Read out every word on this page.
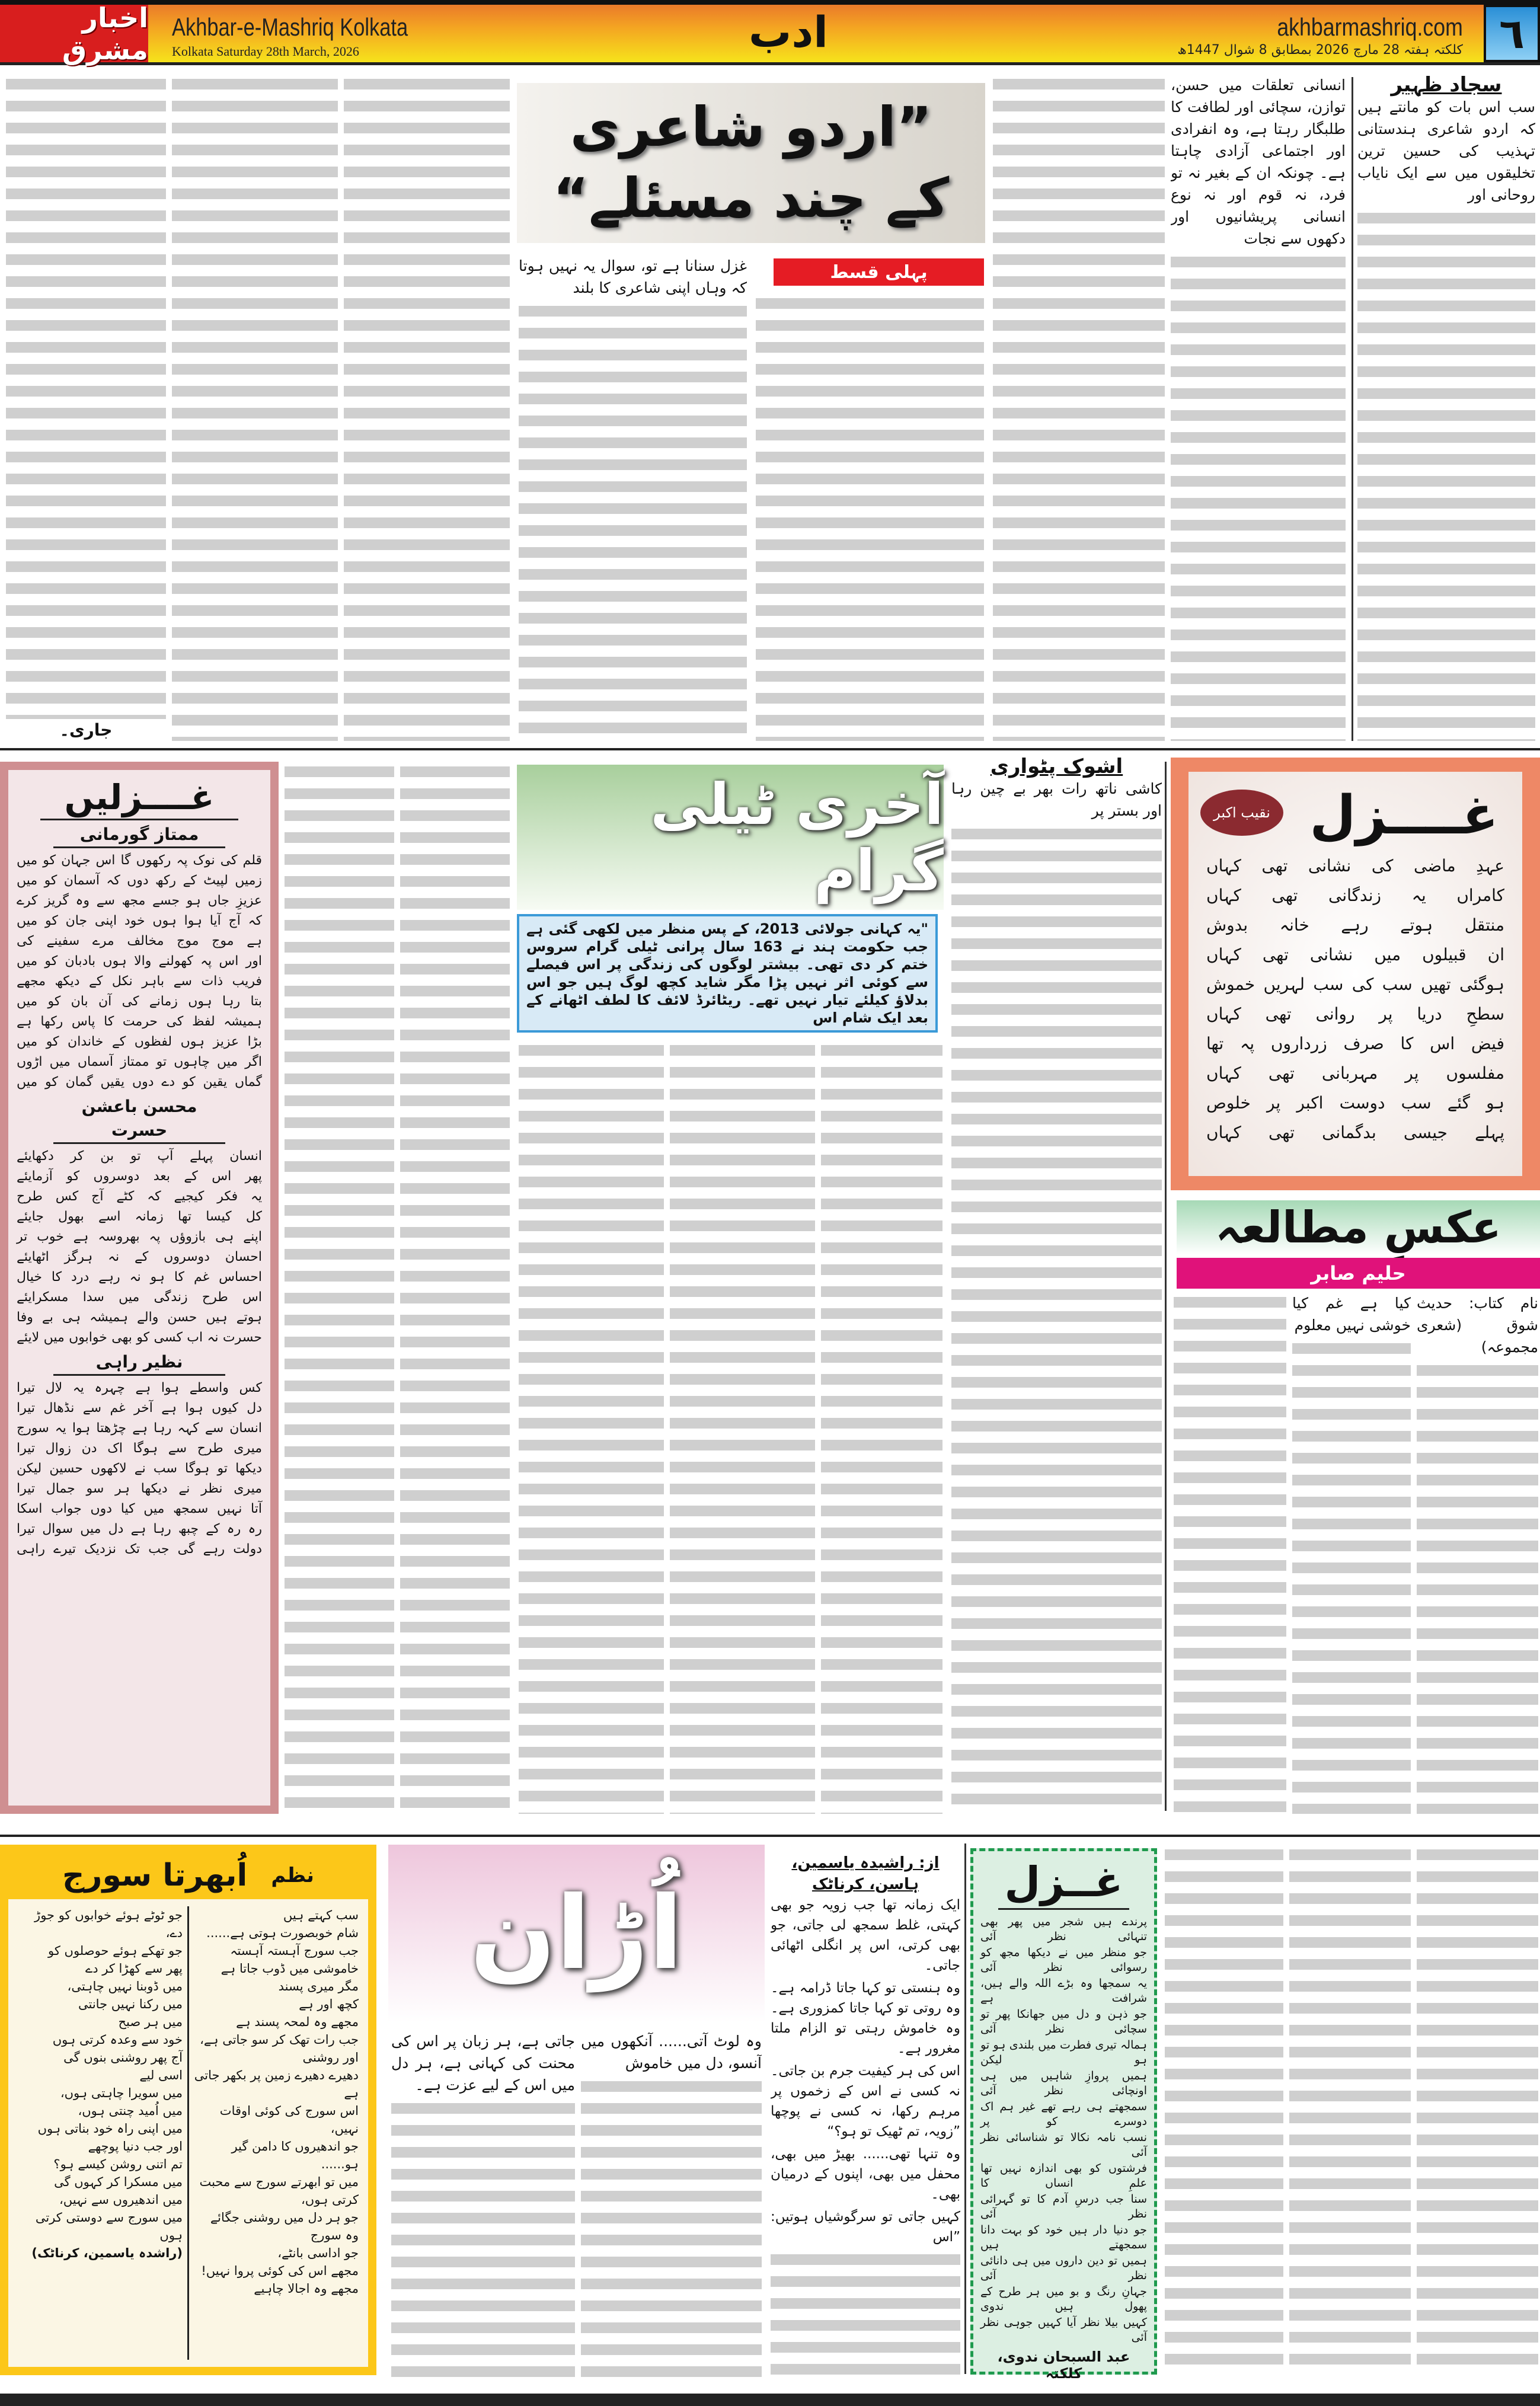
اخبار مشرق
Akhbar-e-Mashriq Kolkata
Kolkata Saturday 28th March, 2026	ادب	akhbarmashriq.com
کلکتہ ہفتہ 28 مارچ 2026 بمطابق 8 شوال 1447ھ ٦
”اردو شاعری کے چند مسئلے“
پہلی قسط
سجاد ظہیر

سب اس بات کو مانتے ہیں کہ اردو شاعری ہندستانی تہذیب کی حسین ترین تخلیقوں میں سے ایک نایاب روحانی اور

انسانی تعلقات میں حسن، توازن، سچائی اور لطافت کا طلبگار رہتا ہے، وہ انفرادی اور اجتماعی آزادی چاہتا ہے۔ چونکہ ان کے بغیر نہ تو فرد، نہ قوم اور نہ نوع انسانی پریشانیوں اور دکھوں سے نجات

غزل سنانا ہے تو، سوال یہ نہیں ہوتا کہ وہاں اپنی شاعری کا بلند

جاری۔
غــــزلیں
ممتاز گورمانی
قلم کی نوک پہ رکھوں گا اس جہان کو میں
زمیں لپیٹ کے رکھ دوں کہ آسمان کو میں
عزیزِ جاں ہو جسے مجھ سے وہ گریز کرے
کہ آج آیا ہوا ہوں خود اپنی جان کو میں
ہے موج موج مخالف مرے سفینے کی
اور اس پہ کھولنے والا ہوں بادبان کو میں
فریب ذات سے باہر نکل کے دیکھ مجھے
بتا رہا ہوں زمانے کی آن بان کو میں
ہمیشہ لفظ کی حرمت کا پاس رکھا ہے
بڑا عزیز ہوں لفظوں کے خاندان کو میں
اگر میں چاہوں تو ممتاز آسماں میں اڑوں
گماں یقین کو دے دوں یقیں گمان کو میں
محسن باعشن حسرت
انسان پہلے آپ تو بن کر دکھایئے
پھر اس کے بعد دوسروں کو آزمایئے
یہ فکر کیجیے کہ کٹے آج کس طرح
کل کیسا تھا زمانہ اسے بھول جایئے
اپنے ہی بازوؤں پہ بھروسہ ہے خوب تر
احسان دوسروں کے نہ ہرگز اٹھایئے
احساس غم کا ہو نہ رہے درد کا خیال
اس طرح زندگی میں سدا مسکرایئے
ہوتے ہیں حسن والے ہمیشہ ہی بے وفا
حسرت نہ اب کسی کو بھی خوابوں میں لایئے
نظیر راہی
کس واسطے ہوا ہے چہرہ یہ لال تیرا
دل کیوں ہوا ہے آخر غم سے نڈھال تیرا
انسان سے کہہ رہا ہے چڑھتا ہوا یہ سورج
میری طرح سے ہوگا اک دن زوال تیرا
دیکھا تو ہوگا سب نے لاکھوں حسین لیکن
میری نظر نے دیکھا ہر سو جمال تیرا
آتا نہیں سمجھ میں کیا دوں جواب اسکا
رہ رہ کے چبھ رہا ہے دل میں سوال تیرا
دولت رہے گی جب تک نزدیک تیرے راہی
آخری ٹیلی گرام
"یہ کہانی جولائی 2013، کے پس منظر میں لکھی گئی ہے جب حکومت ہند نے 163 سال پرانی ٹیلی گرام سروس ختم کر دی تھی۔ بیشتر لوگوں کی زندگی پر اس فیصلے سے کوئی اثر نہیں پڑا مگر شاید کچھ لوگ ہیں جو اس بدلاؤ کیلئے تیار نہیں تھے۔ ریٹائرڈ لائف کا لطف اٹھانے کے بعد ایک شام اس
اشوک پٹواری

کاشی ناتھ رات بھر بے چین رہا اور بستر پر	نقیب اکبر غــــزل
عہدِ ماضی کی نشانی تھی کہاں
کامراں یہ زندگانی تھی کہاں
منتقل ہوتے رہے خانہ بدوش
ان قبیلوں میں نشانی تھی کہاں
ہوگئی تھیں سب کی سب لہریں خموش
سطحِ دریا پر روانی تھی کہاں
فیض اس کا صرف زرداروں پہ تھا
مفلسوں پر مہربانی تھی کہاں
ہو گئے سب دوست اکبر پر خلوص
پہلے جیسی بدگمانی تھی کہاں
عکسِ مطالعہ
حلیم صابر

نام کتاب: حدیث شوق (شعری مجموعہ)

کیا ہے غم کیا خوشی نہیں معلوم

نظم
اُبھرتا سورج
سب کہتے ہیں
شام خوبصورت ہوتی ہے......
جب سورج آہستہ آہستہ
خاموشی میں ڈوب جاتا ہے
مگر میری پسند
کچھ اور ہے
مجھے وہ لمحہ پسند ہے
جب رات تھک کر سو جاتی ہے،
اور روشنی
دھیرے دھیرے زمین پر بکھر جاتی ہے
اس سورج کی کوئی اوقات نہیں،
جو اندھیروں کا دامن گیر ہو......
میں تو ابھرتے سورج سے محبت کرتی ہوں،
جو ہر دل میں روشنی جگائے
وہ سورج
جو اداسی بانٹے،
مجھے اس کی کوئی پروا نہیں!
مجھے وہ اجالا چاہیے
جو ٹوٹے ہوئے خوابوں کو جوڑ دے،
جو تھکے ہوئے حوصلوں کو
پھر سے کھڑا کر دے
میں ڈوبنا نہیں چاہتی،
میں رکنا نہیں جانتی
میں ہر صبح
خود سے وعدہ کرتی ہوں
آج پھر روشنی بنوں گی
اسی لیے
میں سویرا چاہتی ہوں،
میں اُمید چنتی ہوں،
میں اپنی راہ خود بناتی ہوں
اور جب دنیا پوچھے
تم اتنی روشن کیسے ہو؟
میں مسکرا کر کہوں گی
میں اندھیروں سے نہیں،
میں سورج سے دوستی کرتی ہوں
(راشدہ یاسمین، کرناٹک)
اُڑان

وہ لوٹ آتی...... آنکھوں میں آنسو، دل میں خاموش

جاتی ہے، ہر زبان پر اس کی محنت کی کہانی ہے، ہر دل میں اس کے لیے عزت ہے۔

از: راشیدہ یاسمین، ہاسن، کرناٹک
ایک زمانہ تھا جب زویہ جو بھی کہتی، غلط سمجھ لی جاتی، جو بھی کرتی، اس پر انگلی اٹھائی جاتی۔
وہ ہنستی تو کہا جاتا ڈرامہ ہے۔ وہ روتی تو کہا جاتا کمزوری ہے۔ وہ خاموش رہتی تو الزام ملتا مغرور ہے۔
اس کی ہر کیفیت جرم بن جاتی۔ نہ کسی نے اس کے زخموں پر مرہم رکھا، نہ کسی نے پوچھا ”زویہ، تم ٹھیک تو ہو؟“
وہ تنہا تھی...... بھیڑ میں بھی، محفل میں بھی، اپنوں کے درمیان بھی۔
کہیں جاتی تو سرگوشیاں ہوتیں: ”اس
غــزل
پرندے ہیں شجر میں پھر بھی تنہائی نظر آئی
جو منظر میں نے دیکھا مجھ کو رسوائی نظر آئی
یہ سمجھا وہ بڑے اللہ والے ہیں، شرافت ہے
جو ذہن و دل میں جھانکا پھر تو سچائی نظر آئی
ہمالہ تیری فطرت میں بلندی ہو تو ہو لیکن
ہمیں پروازِ شاہیں میں ہی اونچائی نظر آئی
سمجھتے ہی رہے تھے غیر ہم اک دوسرے کو پر
نسب نامہ نکالا تو شناسائی نظر آئی
فرشتوں کو بھی اندازہ نہیں تھا علمِ انساں کا
سنا جب درسِ آدم کا تو گہرائی نظر آئی
جو دنیا دار ہیں خود کو بہت دانا سمجھتے ہیں
ہمیں تو دین داروں میں ہی دانائی نظر آئی
جہانِ رنگ و بو میں ہر طرح کے پھول ہیں ندوی
کہیں بیلا نظر آیا کہیں جوہی نظر آئی
عبد السبحان ندوی، کلکتہ
